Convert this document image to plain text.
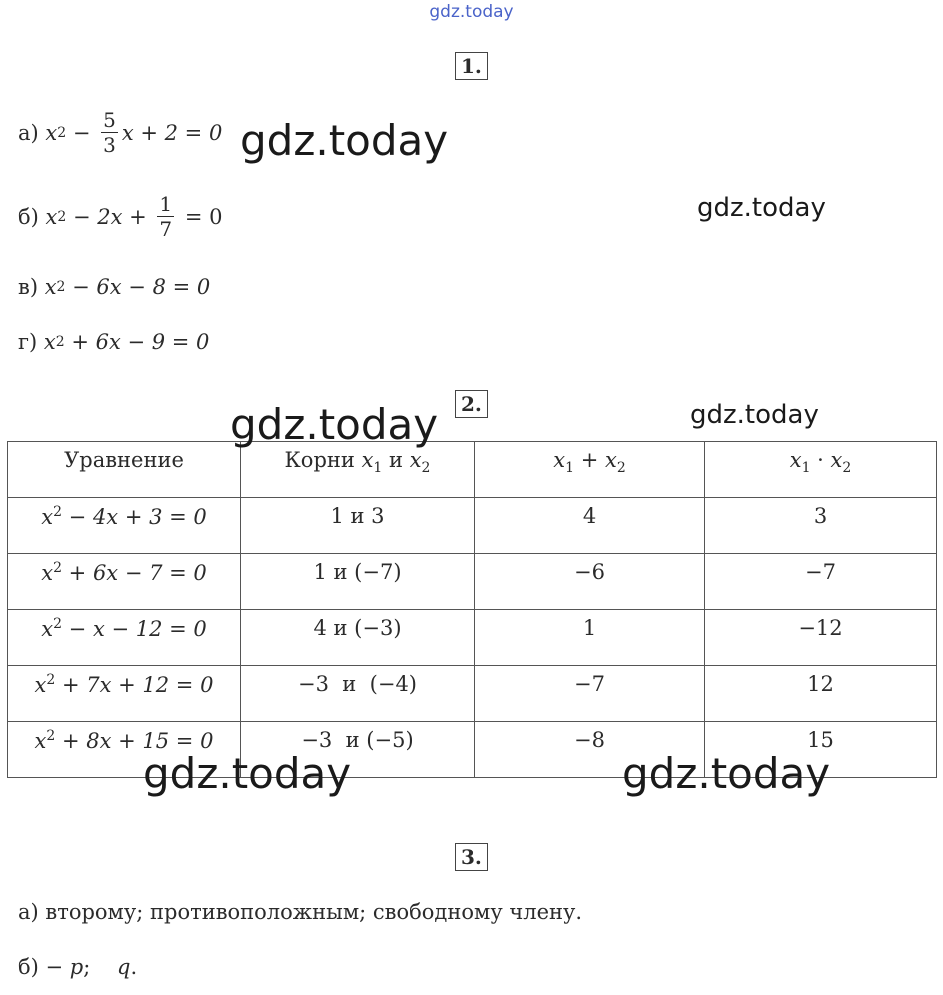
gdz.today
1.
а)
x $2 - \frac{5}{3}$ x + 2 = 0
б)
x $2 - 2x + \frac{1}{7} = 0$
в)
x 2 − 6x − 8 = 0
г)
x 2 + 6x − 9 = 0
2.
Уравнение	Корни $x_1$ и $x_2$	$x_1 + x_2$	$x_1 \cdot x_2$
$x^2 - 4x + 3 = 0$	1 и 3	4	3
$x^2 + 6x - 7 = 0$	1 и (−7)	−6	−7
$x^2 - x - 12 = 0$	4 и (−3)	1	−12
$x^2 + 7x + 12 = 0$	−3  и  (−4)	−7	12
$x^2 + 8x + 15 = 0$	−3  и (−5)	−8	15
3.
а) второму; противоположным; свободному члену.
б) − p;    q.
gdz.today
gdz.today
gdz.today	gdz.today
gdz.today	gdz.today
